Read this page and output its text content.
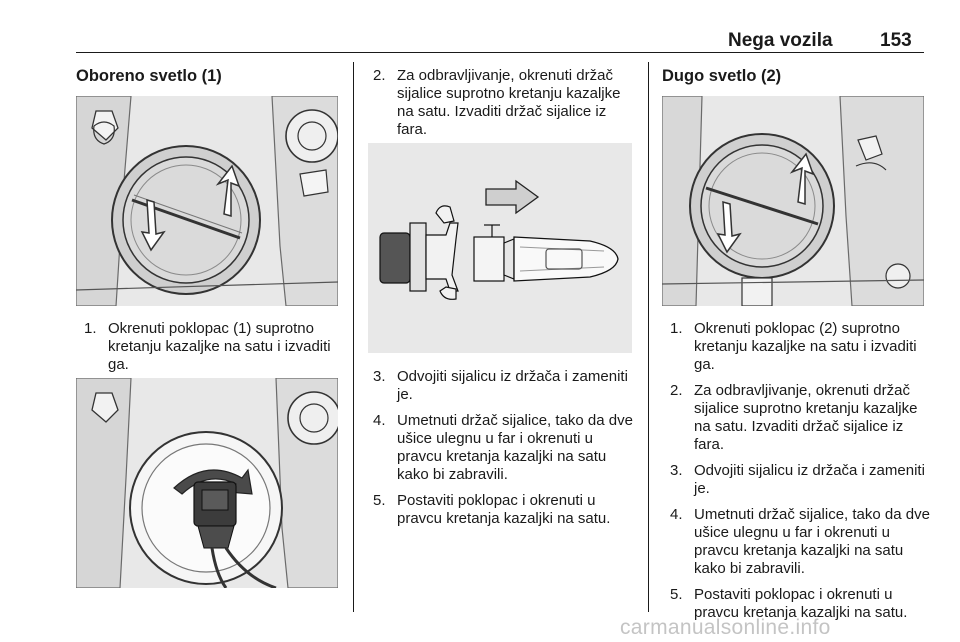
Nega vozila 153
Oboreno svetlo (1)
1. Okrenuti poklopac (1) suprotno kretanju kazaljke na satu i izvaditi ga.
2. Za odbravljivanje, okrenuti držač sijalice suprotno kretanju kazaljke na satu. Izvaditi držač sijalice iz fara.
3. Odvojiti sijalicu iz držača i zameniti je.
4. Umetnuti držač sijalice, tako da dve ušice ulegnu u far i okrenuti u pravcu kretanja kazaljki na satu kako bi zabravili.
5. Postaviti poklopac i okrenuti u pravcu kretanja kazaljki na satu.
Dugo svetlo (2)
1. Okrenuti poklopac (2) suprotno kretanju kazaljke na satu i izvaditi ga.
2. Za odbravljivanje, okrenuti držač sijalice suprotno kretanju kazaljke na satu. Izvaditi držač sijalice iz fara.
3. Odvojiti sijalicu iz držača i zameniti je.
4. Umetnuti držač sijalice, tako da dve ušice ulegnu u far i okrenuti u pravcu kretanja kazaljki na satu kako bi zabravili.
5. Postaviti poklopac i okrenuti u pravcu kretanja kazaljki na satu.
carmanualsonline.info
